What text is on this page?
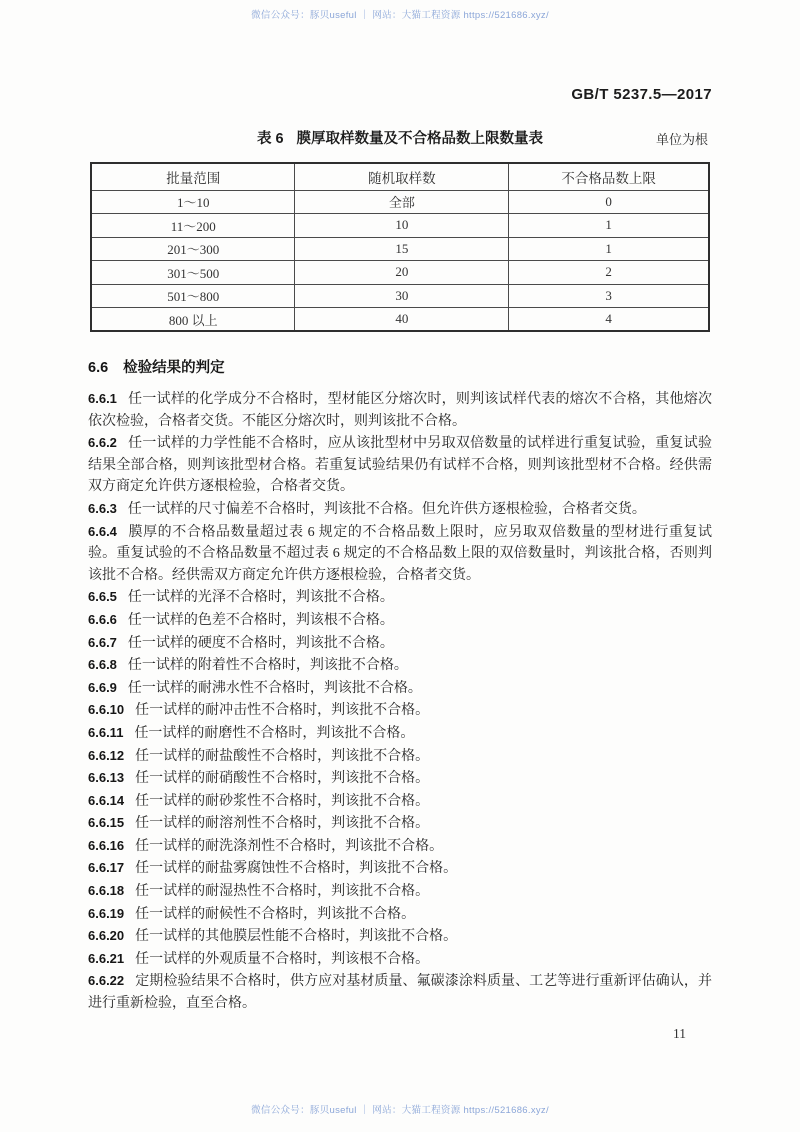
微信公众号：豚贝useful ｜ 网站：大猫工程资源 https://521686.xyz/
GB/T 5237.5—2017
表 6 膜厚取样数量及不合格品数上限数量表	单位为根
批量范围	随机取样数	不合格品数上限
1～10	全部	0
11～200	10	1
201～300	15	1
301～500	20	2
501～800	30	3
800 以上	40	4
6.6 检验结果的判定

6.6.1 任一试样的化学成分不合格时，型材能区分熔次时，则判该试样代表的熔次不合格，其他熔次依次检验，合格者交货。不能区分熔次时，则判该批不合格。

6.6.2 任一试样的力学性能不合格时，应从该批型材中另取双倍数量的试样进行重复试验，重复试验结果全部合格，则判该批型材合格。若重复试验结果仍有试样不合格，则判该批型材不合格。经供需双方商定允许供方逐根检验，合格者交货。

6.6.3 任一试样的尺寸偏差不合格时，判该批不合格。但允许供方逐根检验，合格者交货。

6.6.4 膜厚的不合格品数量超过表 6 规定的不合格品数上限时，应另取双倍数量的型材进行重复试验。重复试验的不合格品数量不超过表 6 规定的不合格品数上限的双倍数量时，判该批合格，否则判该批不合格。经供需双方商定允许供方逐根检验，合格者交货。

6.6.5 任一试样的光泽不合格时，判该批不合格。

6.6.6 任一试样的色差不合格时，判该根不合格。

6.6.7 任一试样的硬度不合格时，判该批不合格。

6.6.8 任一试样的附着性不合格时，判该批不合格。

6.6.9 任一试样的耐沸水性不合格时，判该批不合格。

6.6.10 任一试样的耐冲击性不合格时，判该批不合格。

6.6.11 任一试样的耐磨性不合格时，判该批不合格。

6.6.12 任一试样的耐盐酸性不合格时，判该批不合格。

6.6.13 任一试样的耐硝酸性不合格时，判该批不合格。

6.6.14 任一试样的耐砂浆性不合格时，判该批不合格。

6.6.15 任一试样的耐溶剂性不合格时，判该批不合格。

6.6.16 任一试样的耐洗涤剂性不合格时，判该批不合格。

6.6.17 任一试样的耐盐雾腐蚀性不合格时，判该批不合格。

6.6.18 任一试样的耐湿热性不合格时，判该批不合格。

6.6.19 任一试样的耐候性不合格时，判该批不合格。

6.6.20 任一试样的其他膜层性能不合格时，判该批不合格。

6.6.21 任一试样的外观质量不合格时，判该根不合格。

6.6.22 定期检验结果不合格时，供方应对基材质量、氟碳漆涂料质量、工艺等进行重新评估确认，并进行重新检验，直至合格。

11
微信公众号：豚贝useful ｜ 网站：大猫工程资源 https://521686.xyz/
